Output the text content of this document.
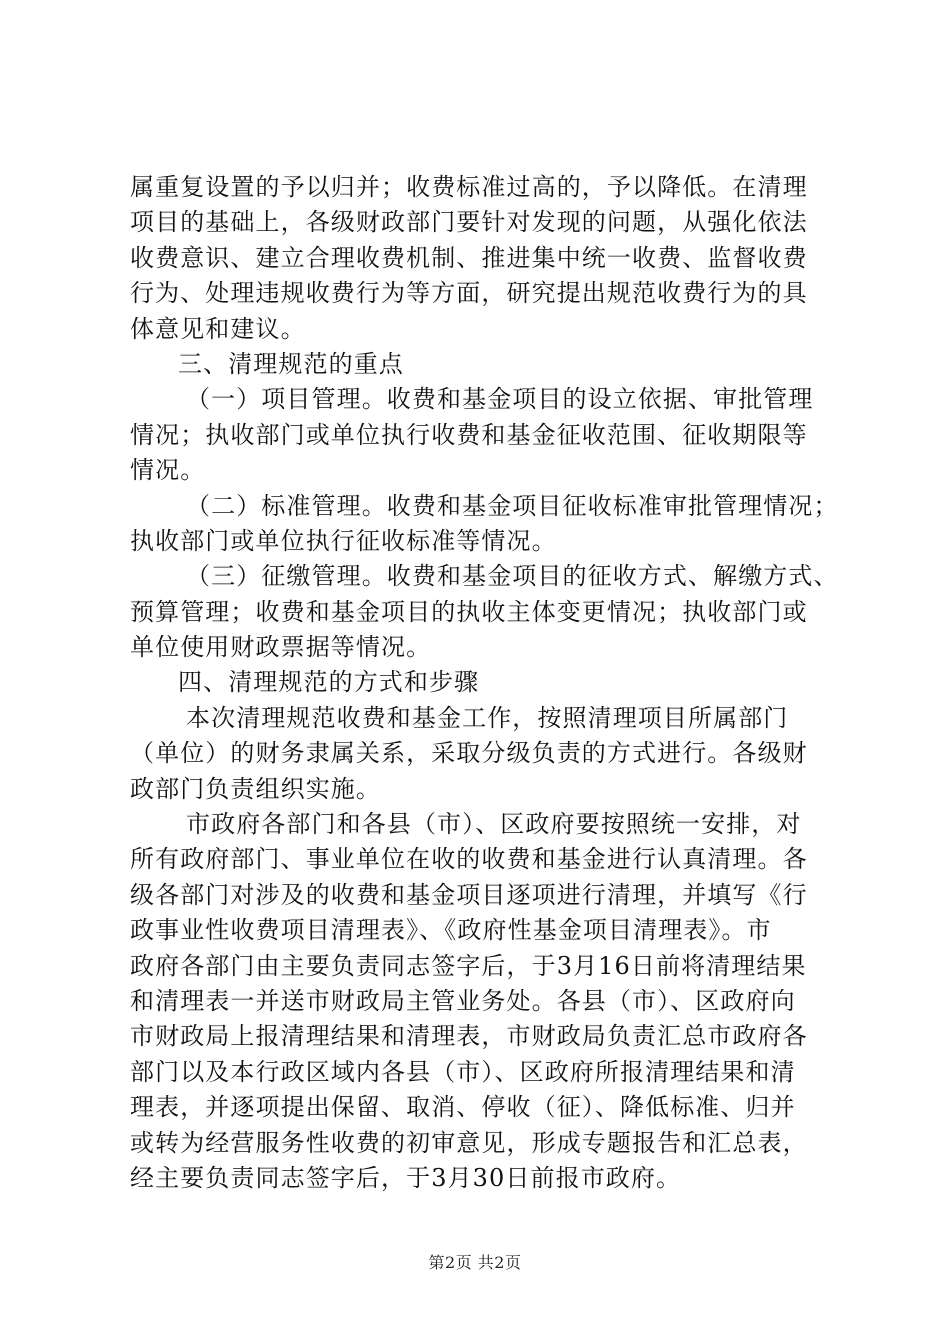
属重复设置的予以归并；收费标准过高的，予以降低。在清理
项目的基础上，各级财政部门要针对发现的问题，从强化依法
收费意识、建立合理收费机制、推进集中统一收费、监督收费
行为、处理违规收费行为等方面，研究提出规范收费行为的具
体意见和建议。
三、清理规范的重点
（一）项目管理。收费和基金项目的设立依据、审批管理
情况；执收部门或单位执行收费和基金征收范围、征收期限等
情况。
（二）标准管理。收费和基金项目征收标准审批管理情况；
执收部门或单位执行征收标准等情况。
（三）征缴管理。收费和基金项目的征收方式、解缴方式、
预算管理；收费和基金项目的执收主体变更情况；执收部门或
单位使用财政票据等情况。
四、清理规范的方式和步骤
本次清理规范收费和基金工作，按照清理项目所属部门
（单位）的财务隶属关系，采取分级负责的方式进行。各级财
政部门负责组织实施。
市政府各部门和各县（市）、区政府要按照统一安排，对
所有政府部门、事业单位在收的收费和基金进行认真清理。各
级各部门对涉及的收费和基金项目逐项进行清理，并填写《行
政事业性收费项目清理表》、《政府性基金项目清理表》。市
政府各部门由主要负责同志签字后，于3月16日前将清理结果
和清理表一并送市财政局主管业务处。各县（市）、区政府向
市财政局上报清理结果和清理表，市财政局负责汇总市政府各
部门以及本行政区域内各县（市）、区政府所报清理结果和清
理表，并逐项提出保留、取消、停收（征）、降低标准、归并
或转为经营服务性收费的初审意见，形成专题报告和汇总表，
经主要负责同志签字后，于3月30日前报市政府。
第2页 共2页
